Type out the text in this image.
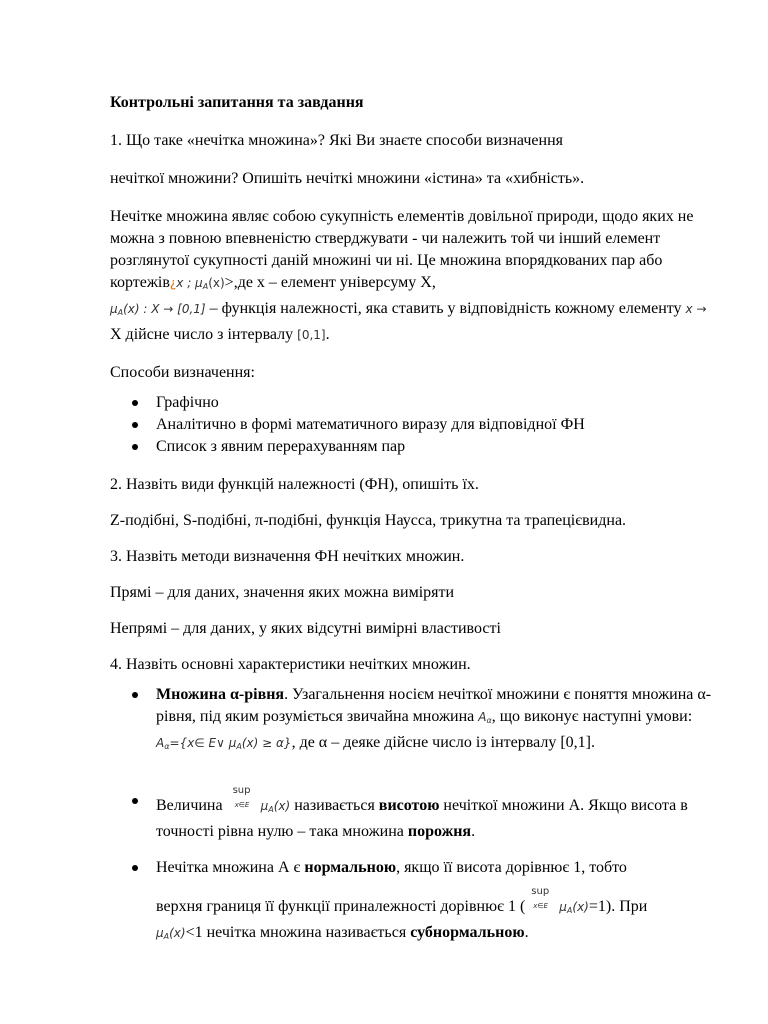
Контрольні запитання та завдання

1. Що таке «нечітка множина»? Які Ви знаєте способи визначення

нечіткої множини? Опишіть нечіткі множини «істина» та «хибність».

Нечітке множина являє собою сукупність елементів довільної природи, щодо яких не можна з повною впевненістю стверджувати - чи належить той чи інший елемент розглянутої сукупності даній множині чи ні. Це множина впорядкованих пар або кортежів¿x ; $\mu_A(x)>,де$ x – елемент універсуму X,
$\mu_A(x)$ : X → [0,1] – функція належності, яка ставить у відповідність кожному елементу x → X дійсне число з інтервалу [0,1].

Способи визначення:

Графічно
Аналітично в формі математичного виразу для відповідної ФН
Список з явним перерахуванням пар

2. Назвіть види функцій належності (ФН), опишіть їх.

Z-подібні, S-подібні, π-подібні, функція Наусса, трикутна та трапецієвидна.

3. Назвіть методи визначення ФН нечітких множин.

Прямі – для даних, значення яких можна виміряти

Непрямі – для даних, у яких відсутні вимірні властивості

4. Назвіть основні характеристики нечітких множин.

Множина α-рівня. Узагальнення носієм нечіткої множини є поняття множина α-рівня, під яким розуміється звичайна множина $A_\alpha$, що виконує наступні умови: $A_\alpha=\{x\in$ E∨ $\mu_A(x) \ge \alpha$}, де α – деяке дійсне число із інтервалу [0,1].
Величина
sup
x∈E $\mu_A(x)$ називається висотою нечіткої множини А. Якщо висота в точності рівна нулю – така множина порожня.
Нечітка множина А є нормальною, якщо її висота дорівнює 1, тобто
верхня границя її функції приналежності дорівнює 1 (
sup
x∈E $\mu_A(x)=1$). При
$\mu_A(x)<1$ нечітка множина називається субнормальною.
